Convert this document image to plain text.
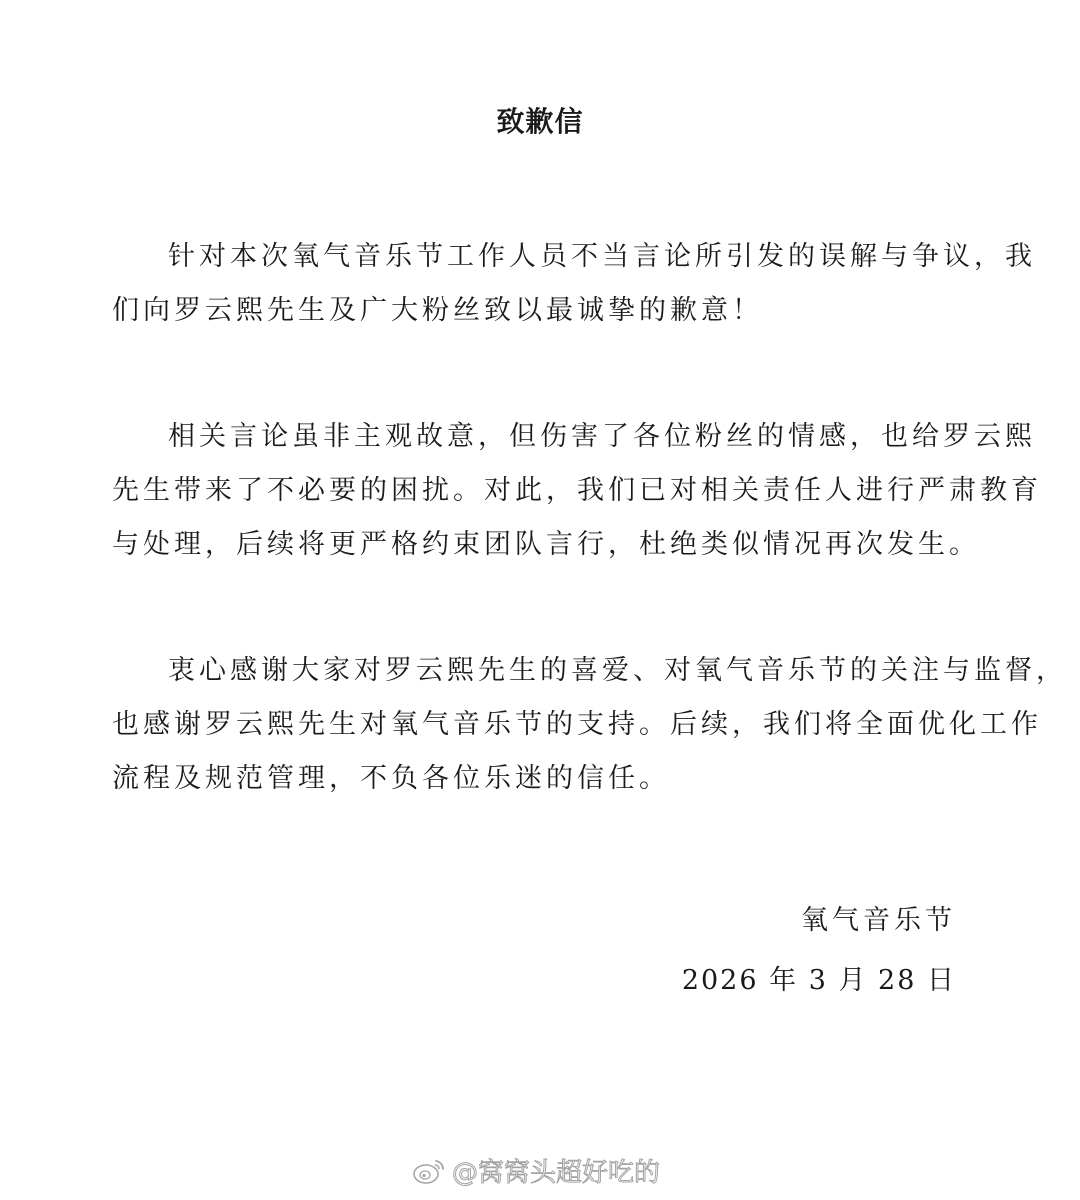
致歉信
针对本次氧气音乐节工作人员不当言论所引发的误解与争议，我
们向罗云熙先生及广大粉丝致以最诚挚的歉意！
相关言论虽非主观故意，但伤害了各位粉丝的情感，也给罗云熙
先生带来了不必要的困扰。对此，我们已对相关责任人进行严肃教育
与处理，后续将更严格约束团队言行，杜绝类似情况再次发生。
衷心感谢大家对罗云熙先生的喜爱、对氧气音乐节的关注与监督，
也感谢罗云熙先生对氧气音乐节的支持。后续，我们将全面优化工作
流程及规范管理，不负各位乐迷的信任。
氧气音乐节
2026 年 3 月 28 日
@窝窝头超好吃的
